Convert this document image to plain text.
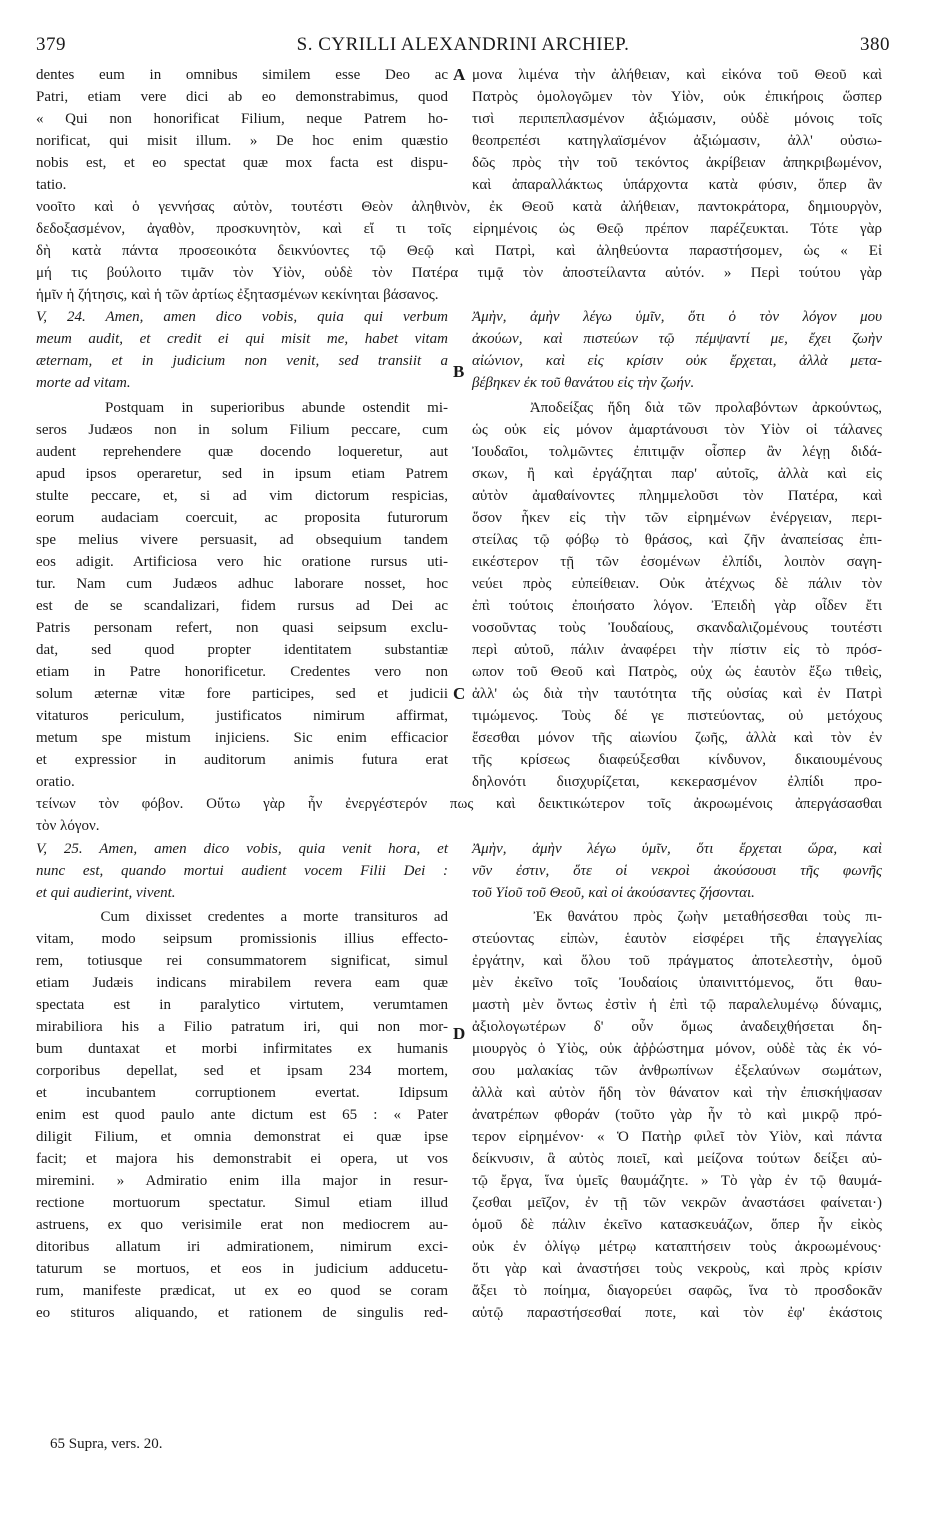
379	S. CYRILLI ALEXANDRINI ARCHIEP.	380
dentes eum in omnibus similem esse Deo ac
Patri, etiam vere dici ab eo demonstrabimus, quod
« Qui non honorificat Filium, neque Patrem ho-
norificat, qui misit illum. » De hoc enim quæstio
nobis est, et eo spectat quæ mox facta est dispu-
tatio.
μονα λιμένα τὴν ἀλήθειαν, καὶ εἰκόνα τοῦ Θεοῦ καὶ
Πατρὸς ὁμολογῶμεν τὸν Υἱὸν, οὐκ ἐπικήροις ὥσπερ
τισὶ περιπεπλασμένον ἀξιώμασιν, οὐδὲ μόνοις τοῖς
θεοπρεπέσι κατηγλαϊσμένον ἀξιώμασιν, ἀλλ' οὐσιω-
δῶς πρὸς τὴν τοῦ τεκόντος ἀκρίβειαν ἀπηκριβωμένον,
καὶ ἀπαραλλάκτως ὑπάρχοντα κατὰ φύσιν, ὅπερ ἂν
νοοῖτο καὶ ὁ γεννήσας αὐτὸν, τουτέστι Θεὸν ἀληθινὸν, ἐκ Θεοῦ κατὰ ἀλήθειαν, παντοκράτορα, δημιουργὸν,
δεδοξασμένον, ἀγαθὸν, προσκυνητὸν, καὶ εἴ τι τοῖς εἰρημένοις ὡς Θεῷ πρέπον παρέζευκται. Τότε γὰρ
δὴ κατὰ πάντα προσεοικότα δεικνύοντες τῷ Θεῷ καὶ Πατρὶ, καὶ ἀληθεύοντα παραστήσομεν, ὡς « Εἰ
μή τις βούλοιτο τιμᾶν τὸν Υἱὸν, οὐδὲ τὸν Πατέρα τιμᾷ τὸν ἀποστείλαντα αὐτόν. » Περὶ τούτου γὰρ
ἡμῖν ἡ ζήτησις, καὶ ἡ τῶν ἀρτίως ἐξητασμένων κεκίνηται βάσανος.
V, 24. Amen, amen dico vobis, quia qui verbum
meum audit, et credit ei qui misit me, habet vitam
æternam, et in judicium non venit, sed transiit a
morte ad vitam.
Ἀμὴν, ἀμὴν λέγω ὑμῖν, ὅτι ὁ τὸν λόγον μου
ἀκούων, καὶ πιστεύων τῷ πέμψαντί με, ἔχει ζωὴν
αἰώνιον, καὶ εἰς κρίσιν οὐκ ἔρχεται, ἀλλὰ μετα-
βέβηκεν ἐκ τοῦ θανάτου εἰς τὴν ζωήν.
Postquam in superioribus abunde ostendit mi-
seros Judæos non in solum Filium peccare, cum
audent reprehendere quæ docendo loqueretur, aut
apud ipsos operaretur, sed in ipsum etiam Patrem
stulte peccare, et, si ad vim dictorum respicias,
eorum audaciam coercuit, ac proposita futurorum
spe melius vivere persuasit, ad obsequium tandem
eos adigit. Artificiosa vero hic oratione rursus uti-
tur. Nam cum Judæos adhuc laborare nosset, hoc
est de se scandalizari, fidem rursus ad Dei ac
Patris personam refert, non quasi seipsum exclu-
dat, sed quod propter identitatem substantiæ
etiam in Patre honorificetur. Credentes vero non
solum æternæ vitæ fore participes, sed et judicii
vitaturos periculum, justificatos nimirum affirmat,
metum spe mistum injiciens. Sic enim efficacior
et expressior in auditorum animis futura erat
oratio.
Ἀποδείξας ἤδη διὰ τῶν προλαβόντων ἀρκούντως,
ὡς οὐκ εἰς μόνον ἁμαρτάνουσι τὸν Υἱὸν οἱ τάλανες
Ἰουδαῖοι, τολμῶντες ἐπιτιμᾷν οἷσπερ ἂν λέγῃ διδά-
σκων, ἢ καὶ ἐργάζηται παρ' αὐτοῖς, ἀλλὰ καὶ εἰς
αὐτὸν ἀμαθαίνοντες πλημμελοῦσι τὸν Πατέρα, καὶ
ὅσον ἧκεν εἰς τὴν τῶν εἰρημένων ἐνέργειαν, περι-
στείλας τῷ φόβῳ τὸ θράσος, καὶ ζῆν ἀναπείσας ἐπι-
εικέστερον τῇ τῶν ἐσομένων ἐλπίδι, λοιπὸν σαγη-
νεύει πρὸς εὐπείθειαν. Οὐκ ἀτέχνως δὲ πάλιν τὸν
ἐπὶ τούτοις ἐποιήσατο λόγον. Ἐπειδὴ γὰρ οἶδεν ἔτι
νοσοῦντας τοὺς Ἰουδαίους, σκανδαλιζομένους τουτέστι
περὶ αὐτοῦ, πάλιν ἀναφέρει τὴν πίστιν εἰς τὸ πρόσ-
ωπον τοῦ Θεοῦ καὶ Πατρὸς, οὐχ ὡς ἑαυτὸν ἔξω τιθεὶς,
ἀλλ' ὡς διὰ τὴν ταυτότητα τῆς οὐσίας καὶ ἐν Πατρὶ
τιμώμενος. Τοὺς δέ γε πιστεύοντας, οὐ μετόχους
ἔσεσθαι μόνον τῆς αἰωνίου ζωῆς, ἀλλὰ καὶ τὸν ἐν
τῆς κρίσεως διαφεύξεσθαι κίνδυνον, δικαιουμένους
δηλονότι διισχυρίζεται, κεκερασμένον ἐλπίδι προ-
τείνων τὸν φόβον. Οὕτω γὰρ ἦν ἐνεργέστερόν πως καὶ δεικτικώτερον τοῖς ἀκροωμένοις ἀπεργάσασθαι
τὸν λόγον.
V, 25. Amen, amen dico vobis, quia venit hora, et
nunc est, quando mortui audient vocem Filii Dei :
et qui audierint, vivent.
Ἀμὴν, ἀμὴν λέγω ὑμῖν, ὅτι ἔρχεται ὥρα, καὶ
νῦν ἐστιν, ὅτε οἱ νεκροὶ ἀκούσουσι τῆς φωνῆς
τοῦ Υἱοῦ τοῦ Θεοῦ, καὶ οἱ ἀκούσαντες ζήσονται.
Cum dixisset credentes a morte transituros ad
vitam, modo seipsum promissionis illius effecto-
rem, totiusque rei consummatorem significat, simul
etiam Judæis indicans mirabilem revera eam quæ
spectata est in paralytico virtutem, verumtamen
mirabiliora his a Filio patratum iri, qui non mor-
bum duntaxat et morbi infirmitates ex humanis
corporibus depellat, sed et ipsam 234 mortem,
et incubantem corruptionem evertat. Idipsum
enim est quod paulo ante dictum est 65 : « Pater
diligit Filium, et omnia demonstrat ei quæ ipse
facit; et majora his demonstrabit ei opera, ut vos
miremini. » Admiratio enim illa major in resur-
rectione mortuorum spectatur. Simul etiam illud
astruens, ex quo verisimile erat non mediocrem au-
ditoribus allatum iri admirationem, nimirum exci-
taturum se mortuos, et eos in judicium adducetu-
rum, manifeste prædicat, ut ex eo quod se coram
eo stituros aliquando, et rationem de singulis red-
Ἐκ θανάτου πρὸς ζωὴν μεταθήσεσθαι τοὺς πι-
στεύοντας εἰπὼν, ἑαυτὸν εἰσφέρει τῆς ἐπαγγελίας
ἐργάτην, καὶ ὅλου τοῦ πράγματος ἀποτελεστὴν, ὁμοῦ
μὲν ἐκεῖνο τοῖς Ἰουδαίοις ὑπαινιττόμενος, ὅτι θαυ-
μαστὴ μὲν ὄντως ἐστὶν ἡ ἐπὶ τῷ παραλελυμένῳ δύναμις,
ἀξιολογωτέρων δ' οὖν ὅμως ἀναδειχθήσεται δη-
μιουργὸς ὁ Υἱὸς, οὐκ ἀῤῥώστημα μόνον, οὐδὲ τὰς ἐκ νό-
σου μαλακίας τῶν ἀνθρωπίνων ἐξελαύνων σωμάτων,
ἀλλὰ καὶ αὐτὸν ἤδη τὸν θάνατον καὶ τὴν ἐπισκήψασαν
ἀνατρέπων φθοράν (τοῦτο γὰρ ἦν τὸ καὶ μικρῷ πρό-
τερον εἰρημένον· « Ὁ Πατὴρ φιλεῖ τὸν Υἱὸν, καὶ πάντα
δείκνυσιν, ἃ αὐτὸς ποιεῖ, καὶ μείζονα τούτων δείξει αὐ-
τῷ ἔργα, ἵνα ὑμεῖς θαυμάζητε. » Τὸ γὰρ ἐν τῷ θαυμά-
ζεσθαι μεῖζον, ἐν τῇ τῶν νεκρῶν ἀναστάσει φαίνεται·)
ὁμοῦ δὲ πάλιν ἐκεῖνο κατασκευάζων, ὅπερ ἦν εἰκὸς
οὐκ ἐν ὀλίγῳ μέτρῳ καταπτήσειν τοὺς ἀκροωμένους·
ὅτι γὰρ καὶ ἀναστήσει τοὺς νεκροὺς, καὶ πρὸς κρίσιν
ἄξει τὸ ποίημα, διαγορεύει σαφῶς, ἵνα τὸ προσδοκᾶν
αὐτῷ παραστήσεσθαί ποτε, καὶ τὸν ἐφ' ἑκάστοις
A
B
C
D
65 Supra, vers. 20.
